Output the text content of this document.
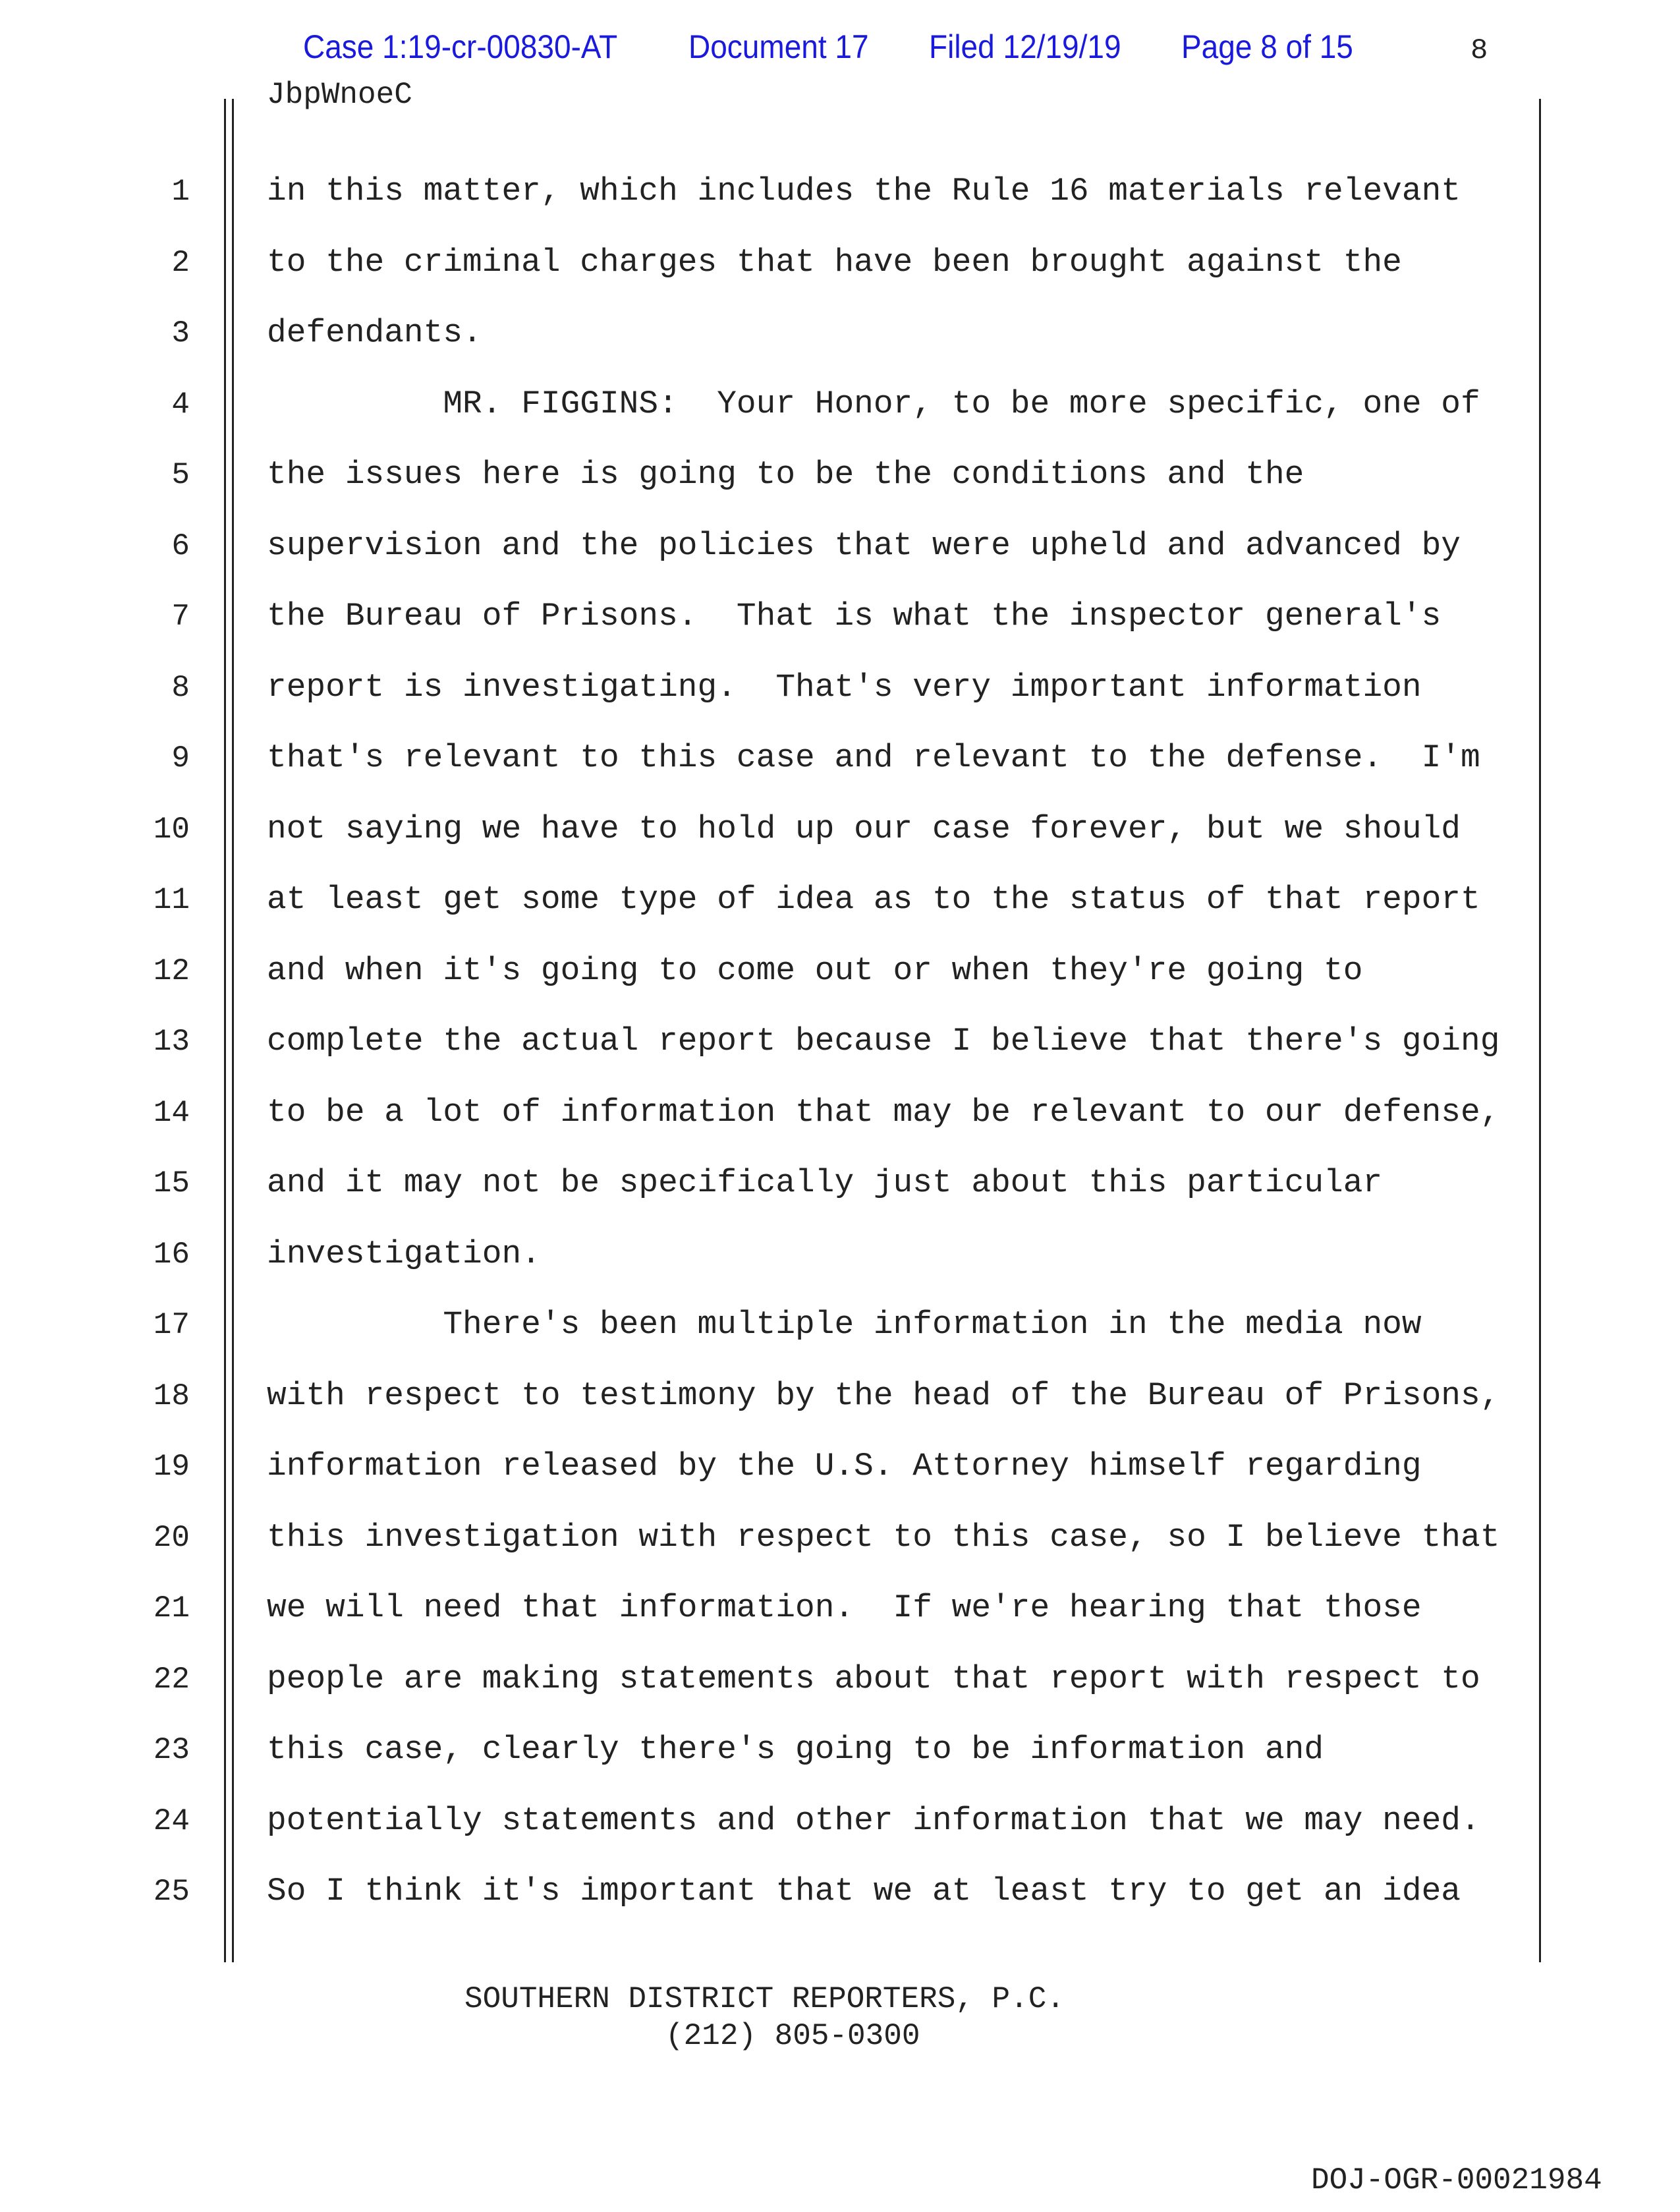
Case 1:19-cr-00830-AT Document 17 Filed 12/19/19 Page 8 of 15	8
JbpWnoeC
1 in this matter, which includes the Rule 16 materials relevant
2 to the criminal charges that have been brought against the
3 defendants.
4 MR. FIGGINS:  Your Honor, to be more specific, one of
5 the issues here is going to be the conditions and the
6 supervision and the policies that were upheld and advanced by
7 the Bureau of Prisons.  That is what the inspector general's
8 report is investigating.  That's very important information
9 that's relevant to this case and relevant to the defense.  I'm
10 not saying we have to hold up our case forever, but we should
11 at least get some type of idea as to the status of that report
12 and when it's going to come out or when they're going to
13 complete the actual report because I believe that there's going
14 to be a lot of information that may be relevant to our defense,
15 and it may not be specifically just about this particular
16 investigation.
17 There's been multiple information in the media now
18 with respect to testimony by the head of the Bureau of Prisons,
19 information released by the U.S. Attorney himself regarding
20 this investigation with respect to this case, so I believe that
21 we will need that information.  If we're hearing that those
22 people are making statements about that report with respect to
23 this case, clearly there's going to be information and
24 potentially statements and other information that we may need.
25 So I think it's important that we at least try to get an idea
SOUTHERN DISTRICT REPORTERS, P.C.
(212) 805-0300
DOJ-OGR-00021984
